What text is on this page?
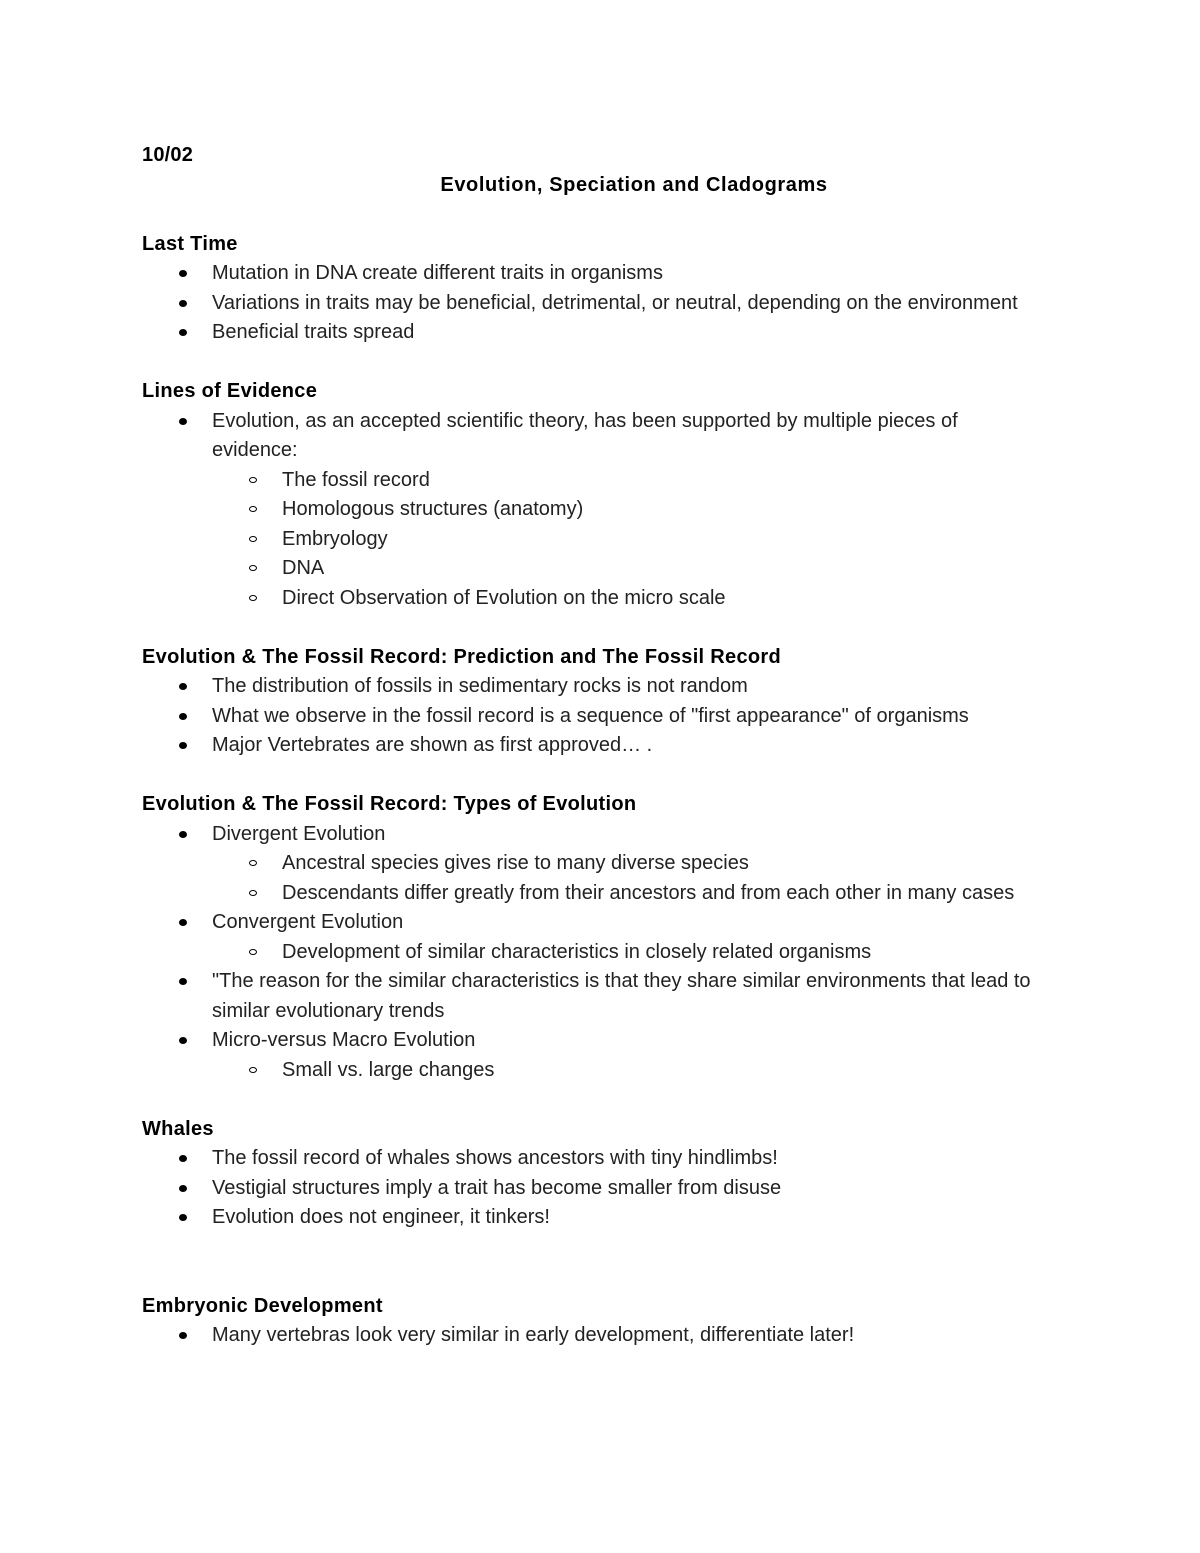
10/02
Evolution, Speciation and Cladograms
Last Time
Mutation in DNA create different traits in organisms
Variations in traits may be beneficial, detrimental, or neutral, depending on the environment
Beneficial traits spread
Lines of Evidence
Evolution, as an accepted scientific theory, has been supported by multiple pieces of evidence:
The fossil record
Homologous structures (anatomy)
Embryology
DNA
Direct Observation of Evolution on the micro scale
Evolution & The Fossil Record: Prediction and The Fossil Record
The distribution of fossils in sedimentary rocks is not random
What we observe in the fossil record is a sequence of "first appearance" of organisms
Major Vertebrates are shown as first approved… .
Evolution & The Fossil Record: Types of Evolution
Divergent Evolution
Ancestral species gives rise to many diverse species
Descendants differ greatly from their ancestors and from each other in many cases
Convergent Evolution
Development of similar characteristics in closely related organisms
"The reason for the similar characteristics is that they share similar environments that lead to similar evolutionary trends
Micro-versus Macro Evolution
Small vs. large changes
Whales
The fossil record of whales shows ancestors with tiny hindlimbs!
Vestigial structures imply a trait has become smaller from disuse
Evolution does not engineer, it tinkers!
Embryonic Development
Many vertebras look very similar in early development, differentiate later!
